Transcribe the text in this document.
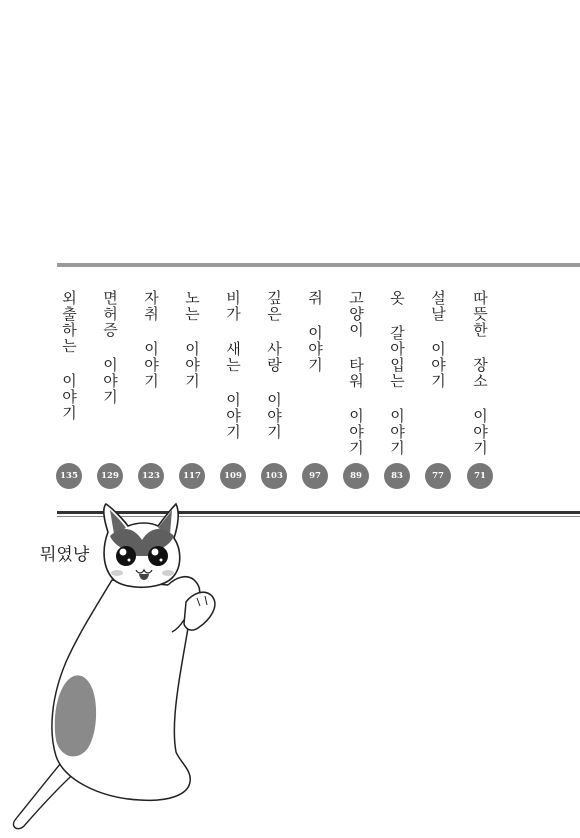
따뜻한 장소 이야기
71
설날 이야기
77
옷 갈아입는 이야기
83
고양이 타워 이야기
89
쥐 이야기
97
깊은 사랑 이야기
103
비가 새는 이야기
109
노는 이야기
117
자취 이야기
123
면허증 이야기
129
외출하는 이야기
135
뭐였냥
